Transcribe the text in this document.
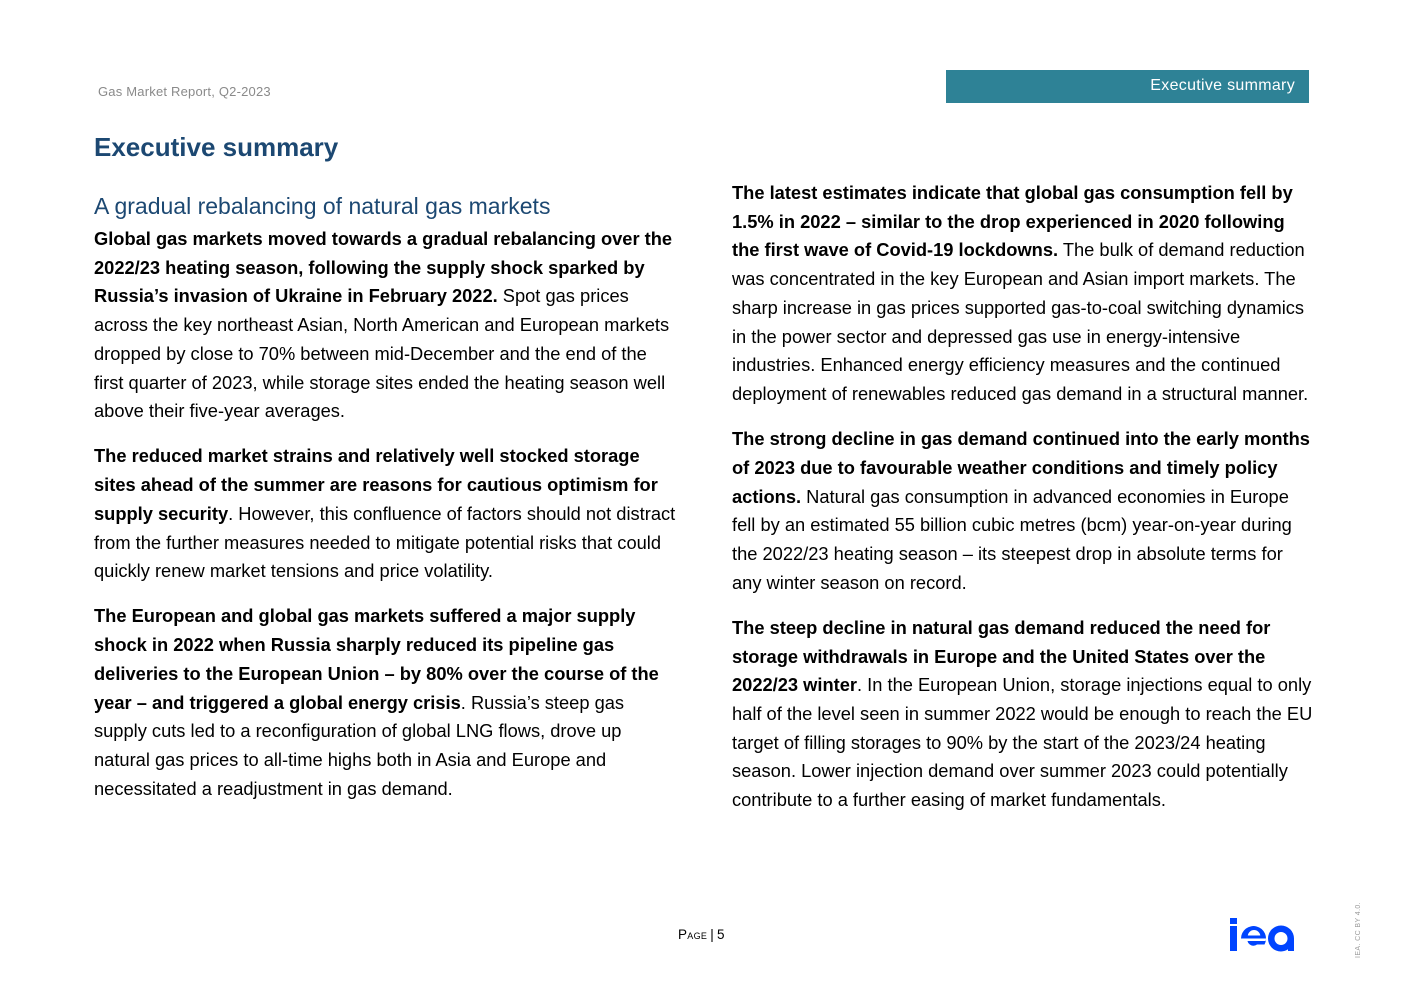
Gas Market Report, Q2-2023	Executive summary
Executive summary
A gradual rebalancing of natural gas markets

Global gas markets moved towards a gradual rebalancing over the 2022/23 heating season, following the supply shock sparked by Russia’s invasion of Ukraine in February 2022. Spot gas prices across the key northeast Asian, North American and European markets dropped by close to 70% between mid-December and the end of the first quarter of 2023, while storage sites ended the heating season well above their five-year averages.

The reduced market strains and relatively well stocked storage sites ahead of the summer are reasons for cautious optimism for supply security. However, this confluence of factors should not distract from the further measures needed to mitigate potential risks that could quickly renew market tensions and price volatility.

The European and global gas markets suffered a major supply shock in 2022 when Russia sharply reduced its pipeline gas deliveries to the European Union – by 80% over the course of the year – and triggered a global energy crisis. Russia’s steep gas supply cuts led to a reconfiguration of global LNG flows, drove up natural gas prices to all-time highs both in Asia and Europe and necessitated a readjustment in gas demand.

The latest estimates indicate that global gas consumption fell by 1.5% in 2022 – similar to the drop experienced in 2020 following the first wave of Covid-19 lockdowns. The bulk of demand reduction was concentrated in the key European and Asian import markets. The sharp increase in gas prices supported gas-to-coal switching dynamics in the power sector and depressed gas use in energy-intensive industries. Enhanced energy efficiency measures and the continued deployment of renewables reduced gas demand in a structural manner.

The strong decline in gas demand continued into the early months of 2023 due to favourable weather conditions and timely policy actions. Natural gas consumption in advanced economies in Europe fell by an estimated 55 billion cubic metres (bcm) year-on-year during the 2022/23 heating season – its steepest drop in absolute terms for any winter season on record.

The steep decline in natural gas demand reduced the need for storage withdrawals in Europe and the United States over the 2022/23 winter. In the European Union, storage injections equal to only half of the level seen in summer 2022 would be enough to reach the EU target of filling storages to 90% by the start of the 2023/24 heating season. Lower injection demand over summer 2023 could potentially contribute to a further easing of market fundamentals.

Page | 5	IEA. CC BY 4.0.
